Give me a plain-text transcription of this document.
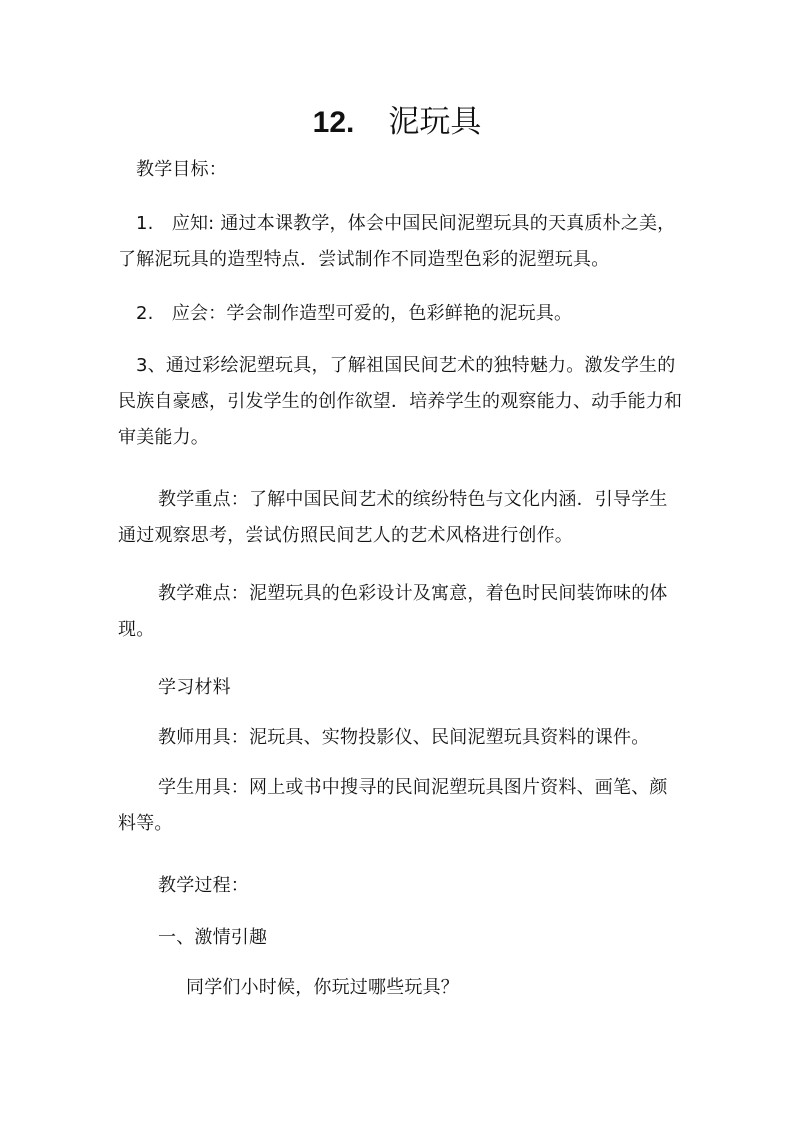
12. 泥玩具

教学目标：

1.　应知: 通过本课教学，体会中国民间泥塑玩具的天真质朴之美，了解泥玩具的造型特点．尝试制作不同造型色彩的泥塑玩具。

2.　应会：学会制作造型可爱的，色彩鲜艳的泥玩具。

3、通过彩绘泥塑玩具，了解祖国民间艺术的独特魅力。激发学生的民族自豪感，引发学生的创作欲望．培养学生的观察能力、动手能力和审美能力。

教学重点：了解中国民间艺术的缤纷特色与文化内涵．引导学生通过观察思考，尝试仿照民间艺人的艺术风格进行创作。

教学难点：泥塑玩具的色彩设计及寓意，着色时民间装饰味的体现。

学习材料

教师用具：泥玩具、实物投影仪、民间泥塑玩具资料的课件。

学生用具：网上或书中搜寻的民间泥塑玩具图片资料、画笔、颜料等。

教学过程：

一、激情引趣

同学们小时候，你玩过哪些玩具？
